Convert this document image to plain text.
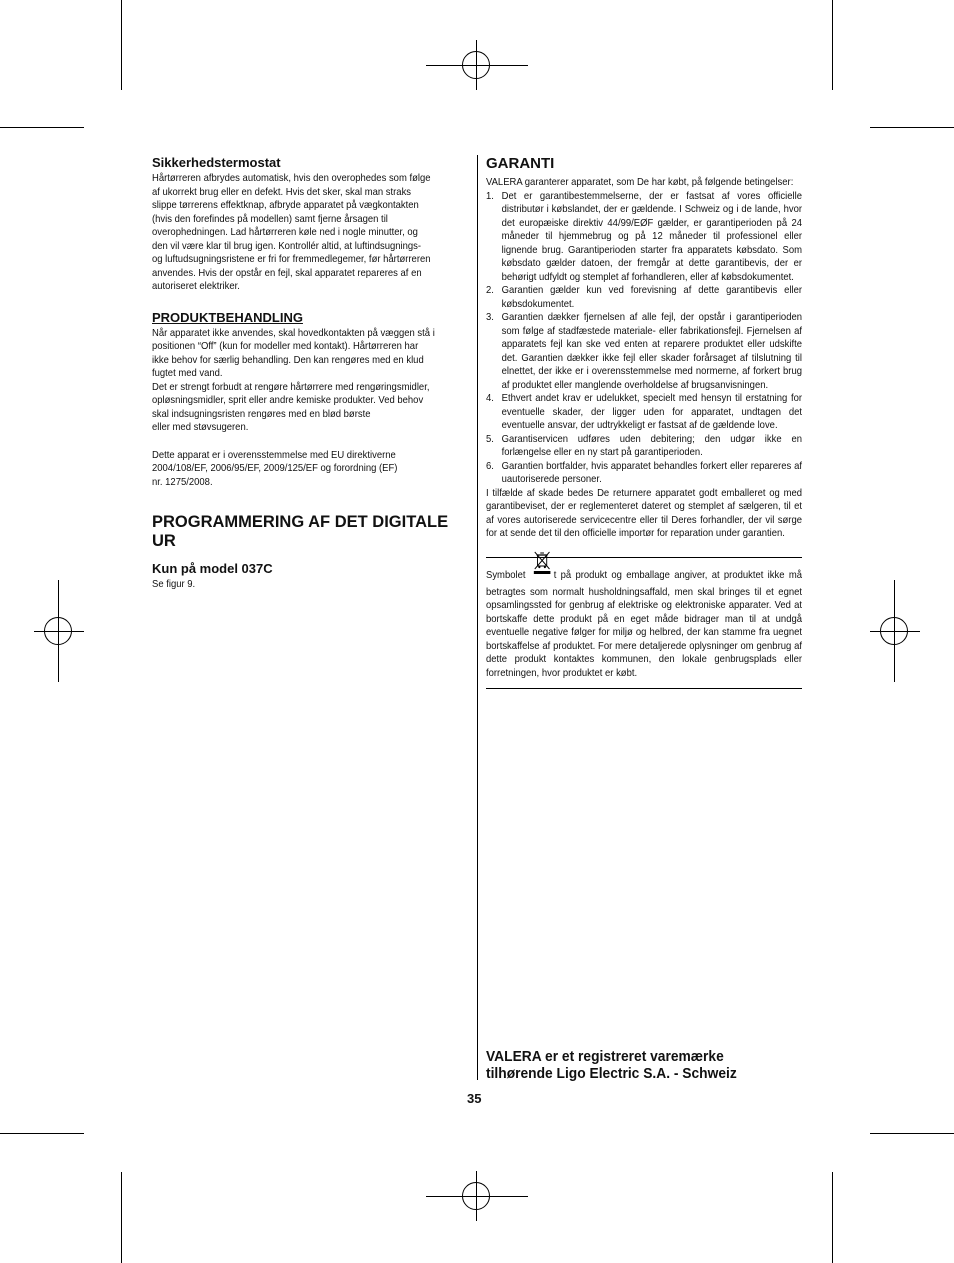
Sikkerhedstermostat
Hårtørreren afbrydes automatisk, hvis den overophedes som følge
af ukorrekt brug eller en defekt. Hvis det sker, skal man straks
slippe tørrerens effektknap, afbryde apparatet på vægkontakten
(hvis den forefindes på modellen) samt fjerne årsagen til
overophedningen. Lad hårtørreren køle ned i nogle minutter, og
den vil være klar til brug igen. Kontrollér altid, at luftindsugnings-
og luftudsugningsristene er fri for fremmedlegemer, før hårtørreren
anvendes. Hvis der opstår en fejl, skal apparatet repareres af en
autoriseret elektriker.
PRODUKTBEHANDLING
Når apparatet ikke anvendes, skal hovedkontakten på væggen stå i
positionen “Off” (kun for modeller med kontakt). Hårtørreren har
ikke behov for særlig behandling. Den kan rengøres med en klud
fugtet med vand.
Det er strengt forbudt at rengøre hårtørrere med rengøringsmidler,
opløsningsmidler, sprit eller andre kemiske produkter. Ved behov
skal indsugningsristen rengøres med en blød børste
eller med støvsugeren.
Dette apparat er i overensstemmelse med EU direktiverne
2004/108/EF, 2006/95/EF, 2009/125/EF og forordning (EF)
nr. 1275/2008.
PROGRAMMERING AF DET DIGITALE UR
Kun på model 037C
Se figur 9.
GARANTI
VALERA garanterer apparatet, som De har købt, på følgende betingelser:
1. Det er garantibestemmelserne, der er fastsat af vores officielle distributør i købslandet, der er gældende. I Schweiz og i de lande, hvor det europæiske direktiv 44/99/EØF gælder, er garantiperioden på 24 måneder til hjemmebrug og på 12 måneder til professionel eller lignende brug. Garantiperioden starter fra apparatets købsdato. Som købsdato gælder datoen, der fremgår at dette garantibevis, der er behørigt udfyldt og stemplet af forhandleren, eller af købsdokumentet.
2. Garantien gælder kun ved forevisning af dette garantibevis eller købsdokumentet.
3. Garantien dækker fjernelsen af alle fejl, der opstår i garantiperioden som følge af stadfæstede materiale- eller fabrikationsfejl. Fjernelsen af apparatets fejl kan ske ved enten at reparere produktet eller udskifte det. Garantien dækker ikke fejl eller skader forårsaget af tilslutning til elnettet, der ikke er i overensstemmelse med normerne, af forkert brug af produktet eller manglende overholdelse af brugsanvisningen.
4. Ethvert andet krav er udelukket, specielt med hensyn til erstatning for eventuelle skader, der ligger uden for apparatet, undtagen det eventuelle ansvar, der udtrykkeligt er fastsat af de gældende love.
5. Garantiservicen udføres uden debitering; den udgør ikke en forlængelse eller en ny start på garantiperioden.
6. Garantien bortfalder, hvis apparatet behandles forkert eller repareres af uautoriserede personer.
I tilfælde af skade bedes De returnere apparatet godt emballeret og med garantibeviset, der er reglementeret dateret og stemplet af sælgeren, til et af vores autoriserede servicecentre eller til Deres forhandler, der vil sørge for at sende det til den officielle importør for reparation under garantien.
Symbolet	t på produkt og emballage angiver, at produktet ikke må betragtes som normalt husholdningsaffald, men skal bringes til et egnet opsamlingssted for genbrug af elektriske og elektroniske apparater. Ved at bortskaffe dette produkt på en eget måde bidrager man til at undgå eventuelle negative følger for miljø og helbred, der kan stamme fra uegnet bortskaffelse af produktet. For mere detaljerede oplysninger om genbrug af dette produkt kontaktes kommunen, den lokale genbrugsplads eller forretningen, hvor produktet er købt.
VALERA er et registreret varemærke tilhørende Ligo Electric S.A. - Schweiz
35
